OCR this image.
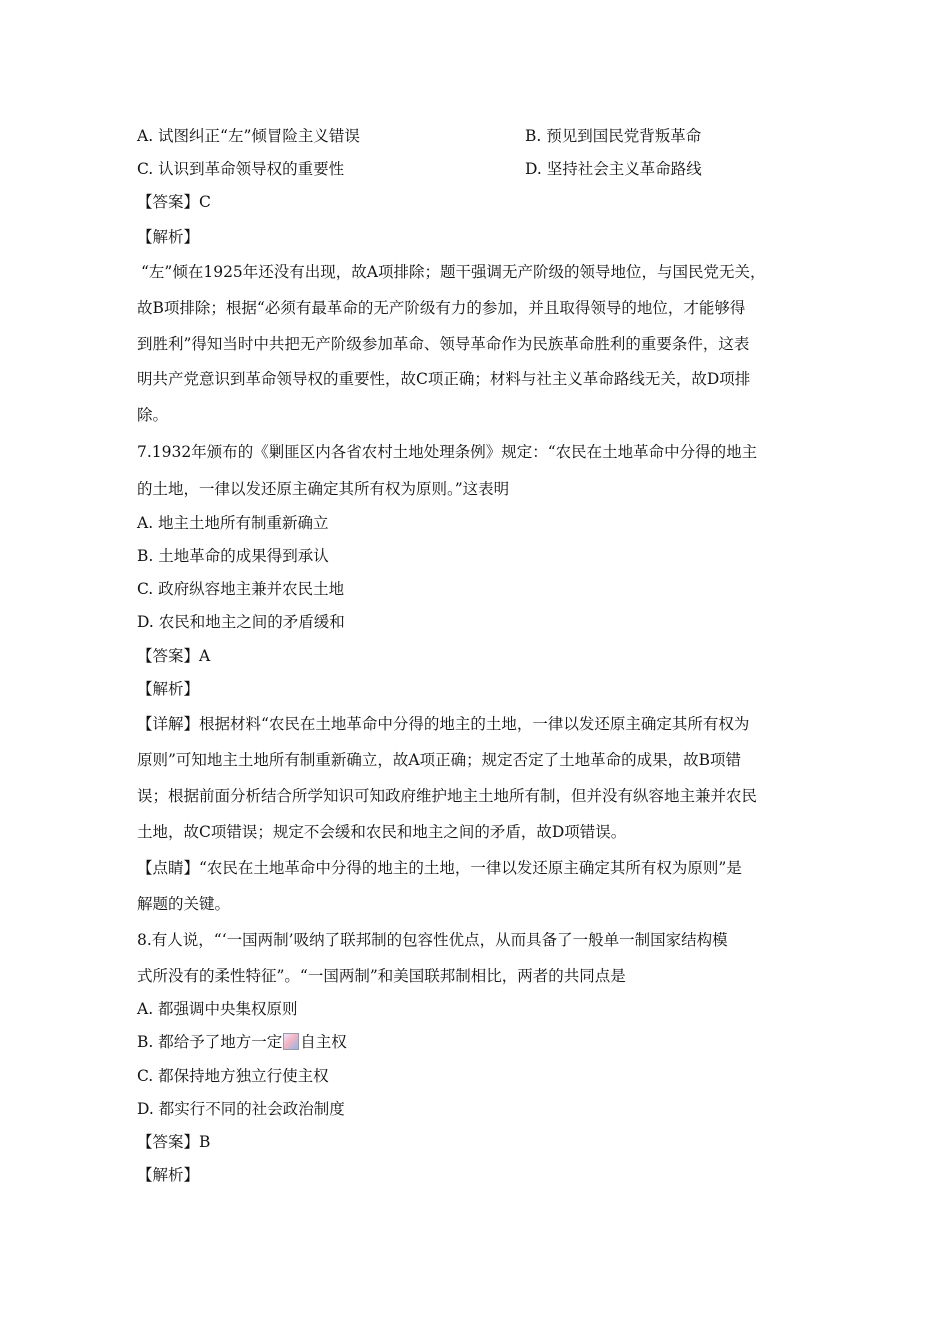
A. 试图纠正“左”倾冒险主义错误	B. 预见到国民党背叛革命
C. 认识到革命领导权的重要性	D. 坚持社会主义革命路线
【答案】C
【解析】
“左”倾在1925年还没有出现，故A项排除；题干强调无产阶级的领导地位，与国民党无关，
故B项排除；根据“必须有最革命的无产阶级有力的参加，并且取得领导的地位，才能够得
到胜利”得知当时中共把无产阶级参加革命、领导革命作为民族革命胜利的重要条件，这表
明共产党意识到革命领导权的重要性，故C项正确；材料与社主义革命路线无关，故D项排
除。
7.1932年颁布的《剿匪区内各省农村土地处理条例》规定：“农民在土地革命中分得的地主
的土地，一律以发还原主确定其所有权为原则。”这表明
A. 地主土地所有制重新确立
B. 土地革命的成果得到承认
C. 政府纵容地主兼并农民土地
D. 农民和地主之间的矛盾缓和
【答案】A
【解析】
【详解】根据材料“农民在土地革命中分得的地主的土地，一律以发还原主确定其所有权为
原则”可知地主土地所有制重新确立，故A项正确；规定否定了土地革命的成果，故B项错
误；根据前面分析结合所学知识可知政府维护地主土地所有制，但并没有纵容地主兼并农民
土地，故C项错误；规定不会缓和农民和地主之间的矛盾，故D项错误。
【点睛】“农民在土地革命中分得的地主的土地，一律以发还原主确定其所有权为原则”是
解题的关键。
8.有人说，“‘一国两制’吸纳了联邦制的包容性优点，从而具备了一般单一制国家结构模
式所没有的柔性特征”。“一国两制”和美国联邦制相比，两者的共同点是
A. 都强调中央集权原则
B. 都给予了地方一定 自主权
C. 都保持地方独立行使主权
D. 都实行不同的社会政治制度
【答案】B
【解析】
